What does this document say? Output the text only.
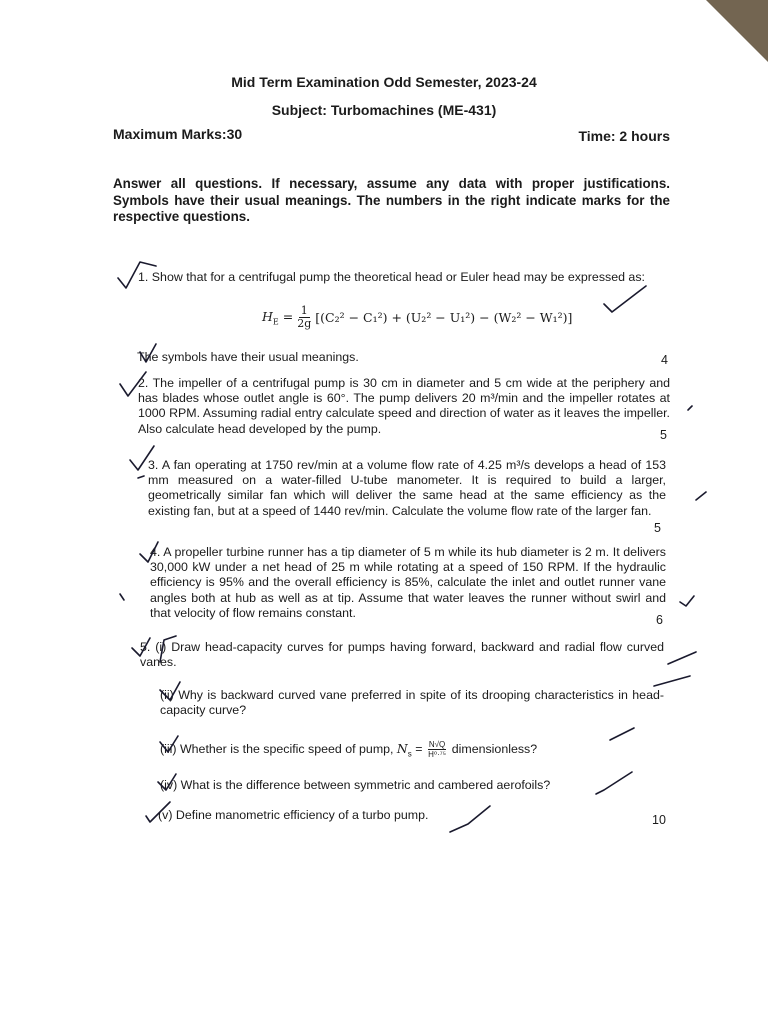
Mid Term Examination Odd Semester, 2023-24
Subject: Turbomachines (ME-431)
Maximum Marks:30	Time: 2 hours
Answer all questions. If necessary, assume any data with proper justifications. Symbols have their usual meanings. The numbers in the right indicate marks for the respective questions.
1. Show that for a centrifugal pump the theoretical head or Euler head may be expressed as:
$H_E = \frac{1}{2g} [(C_2^2 - C_1^2) + (U_2^2 - U_1^2) - (W_2^2 - W_1^2)]$
The symbols have their usual meanings.	4
2. The impeller of a centrifugal pump is 30 cm in diameter and 5 cm wide at the periphery and has blades whose outlet angle is 60°. The pump delivers 20 m³/min and the impeller rotates at 1000 RPM. Assuming radial entry calculate speed and direction of water as it leaves the impeller. Also calculate head developed by the pump.	5
3. A fan operating at 1750 rev/min at a volume flow rate of 4.25 m³/s develops a head of 153 mm measured on a water-filled U-tube manometer. It is required to build a larger, geometrically similar fan which will deliver the same head at the same efficiency as the existing fan, but at a speed of 1440 rev/min. Calculate the volume flow rate of the larger fan.
5
4. A propeller turbine runner has a tip diameter of 5 m while its hub diameter is 2 m. It delivers 30,000 kW under a net head of 25 m while rotating at a speed of 150 RPM. If the hydraulic efficiency is 95% and the overall efficiency is 85%, calculate the inlet and outlet runner vane angles both at hub as well as at tip. Assume that water leaves the runner without swirl and that velocity of flow remains constant.
6
5. (i) Draw head-capacity curves for pumps having forward, backward and radial flow curved vanes.
(ii) Why is backward curved vane preferred in spite of its drooping characteristics in head-capacity curve?
(iii) Whether is the specific speed of pump, $N_s = \frac{N√Q}{\text{H⁰·⁷⁵}}$ dimensionless?
(iv) What is the difference between symmetric and cambered aerofoils?
(v) Define manometric efficiency of a turbo pump.	10
